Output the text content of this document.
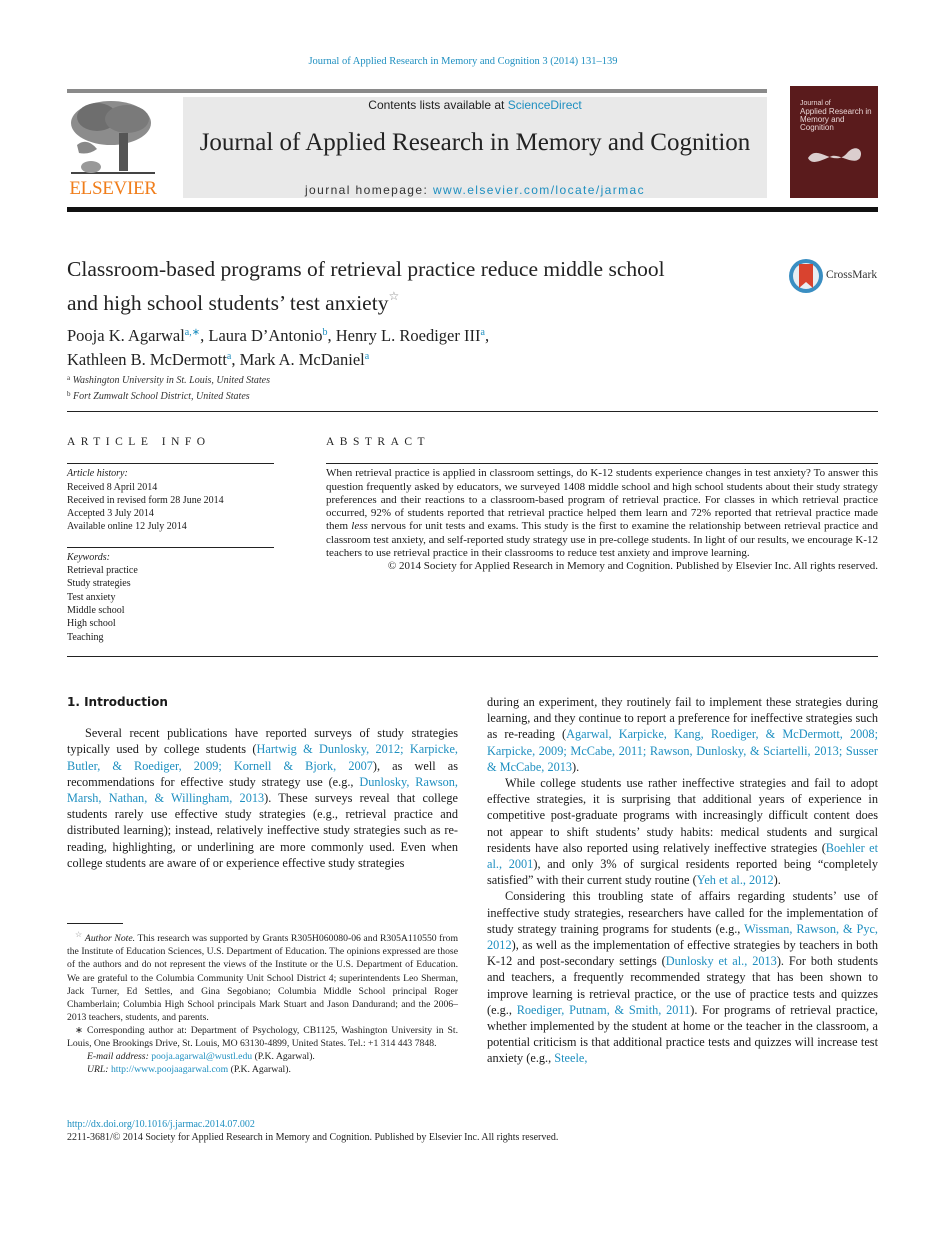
Journal of Applied Research in Memory and Cognition 3 (2014) 131–139
ELSEVIER
Contents lists available at ScienceDirect
Journal of Applied Research in Memory and Cognition
journal homepage: www.elsevier.com/locate/jarmac
Journal of
Applied Research in
Memory and Cognition
Classroom-based programs of retrieval practice reduce middle school
and high school students’ test anxiety☆
CrossMark
Pooja K. Agarwal$^{a,∗}$, Laura D’Antonio$^b$, Henry L. Roediger III$^a$,
Kathleen B. McDermott$^a$, Mark A. McDaniel$^a$
$^a$ Washington University in St. Louis, United States
$^b$ Fort Zumwalt School District, United States
ARTICLE INFO
Article history:
Received 8 April 2014
Received in revised form 28 June 2014
Accepted 3 July 2014
Available online 12 July 2014
Keywords:
Retrieval practice
Study strategies
Test anxiety
Middle school
High school
Teaching
ABSTRACT
When retrieval practice is applied in classroom settings, do K-12 students experience changes in test anxiety? To answer this question frequently asked by educators, we surveyed 1408 middle school and high school students about their study strategy preferences and their reactions to a classroom-based program of retrieval practice. For classes in which retrieval practice occurred, 92% of students reported that retrieval practice helped them learn and 72% reported that retrieval practice made them less nervous for unit tests and exams. This study is the first to examine the relationship between retrieval practice and classroom test anxiety, and self-reported study strategy use in pre-college students. In light of our results, we encourage K-12 teachers to use retrieval practice in their classrooms to reduce test anxiety and improve learning.
© 2014 Society for Applied Research in Memory and Cognition. Published by Elsevier Inc. All rights reserved.
1. Introduction

Several recent publications have reported surveys of study strategies typically used by college students (Hartwig & Dunlosky, 2012; Karpicke, Butler, & Roediger, 2009; Kornell & Bjork, 2007), as well as recommendations for effective study strategy use (e.g., Dunlosky, Rawson, Marsh, Nathan, & Willingham, 2013). These surveys reveal that college students rarely use effective study strategies (e.g., retrieval practice and distributed learning); instead, relatively ineffective study strategies such as re-reading, highlighting, or underlining are more commonly used. Even when college students are aware of or experience effective study strategies

during an experiment, they routinely fail to implement these strategies during learning, and they continue to report a preference for ineffective strategies such as re-reading (Agarwal, Karpicke, Kang, Roediger, & McDermott, 2008; Karpicke, 2009; McCabe, 2011; Rawson, Dunlosky, & Sciartelli, 2013; Susser & McCabe, 2013).

While college students use rather ineffective strategies and fail to adopt effective strategies, it is surprising that additional years of experience in competitive post-graduate programs with increasingly difficult content does not appear to shift students’ study habits: medical students and surgical residents have also reported using relatively ineffective strategies (Boehler et al., 2001), and only 3% of surgical residents reported being “completely satisfied” with their current study routine (Yeh et al., 2012).

Considering this troubling state of affairs regarding students’ use of ineffective study strategies, researchers have called for the implementation of study strategy training programs for students (e.g., Wissman, Rawson, & Pyc, 2012), as well as the implementation of effective strategies by teachers in both K-12 and post-secondary settings (Dunlosky et al., 2013). For both students and teachers, a frequently recommended strategy that has been shown to improve learning is retrieval practice, or the use of practice tests and quizzes (e.g., Roediger, Putnam, & Smith, 2011). For programs of retrieval practice, whether implemented by the student at home or the teacher in the classroom, a potential criticism is that additional practice tests and quizzes will increase test anxiety (e.g., Steele,

☆ Author Note. This research was supported by Grants R305H060080-06 and R305A110550 from the Institute of Education Sciences, U.S. Department of Education. The opinions expressed are those of the authors and do not represent the views of the Institute or the U.S. Department of Education. We are grateful to the Columbia Community Unit School District 4; superintendents Leo Sherman, Jack Turner, Ed Settles, and Gina Segobiano; Columbia Middle School principal Roger Chamberlain; Columbia High School principals Mark Stuart and Jason Dandurand; and the 2006–2013 teachers, students, and parents.

∗ Corresponding author at: Department of Psychology, CB1125, Washington University in St. Louis, One Brookings Drive, St. Louis, MO 63130-4899, United States. Tel.: +1 314 443 7848.

E-mail address: pooja.agarwal@wustl.edu (P.K. Agarwal).

URL: http://www.poojaagarwal.com (P.K. Agarwal).

http://dx.doi.org/10.1016/j.jarmac.2014.07.002
2211-3681/© 2014 Society for Applied Research in Memory and Cognition. Published by Elsevier Inc. All rights reserved.
